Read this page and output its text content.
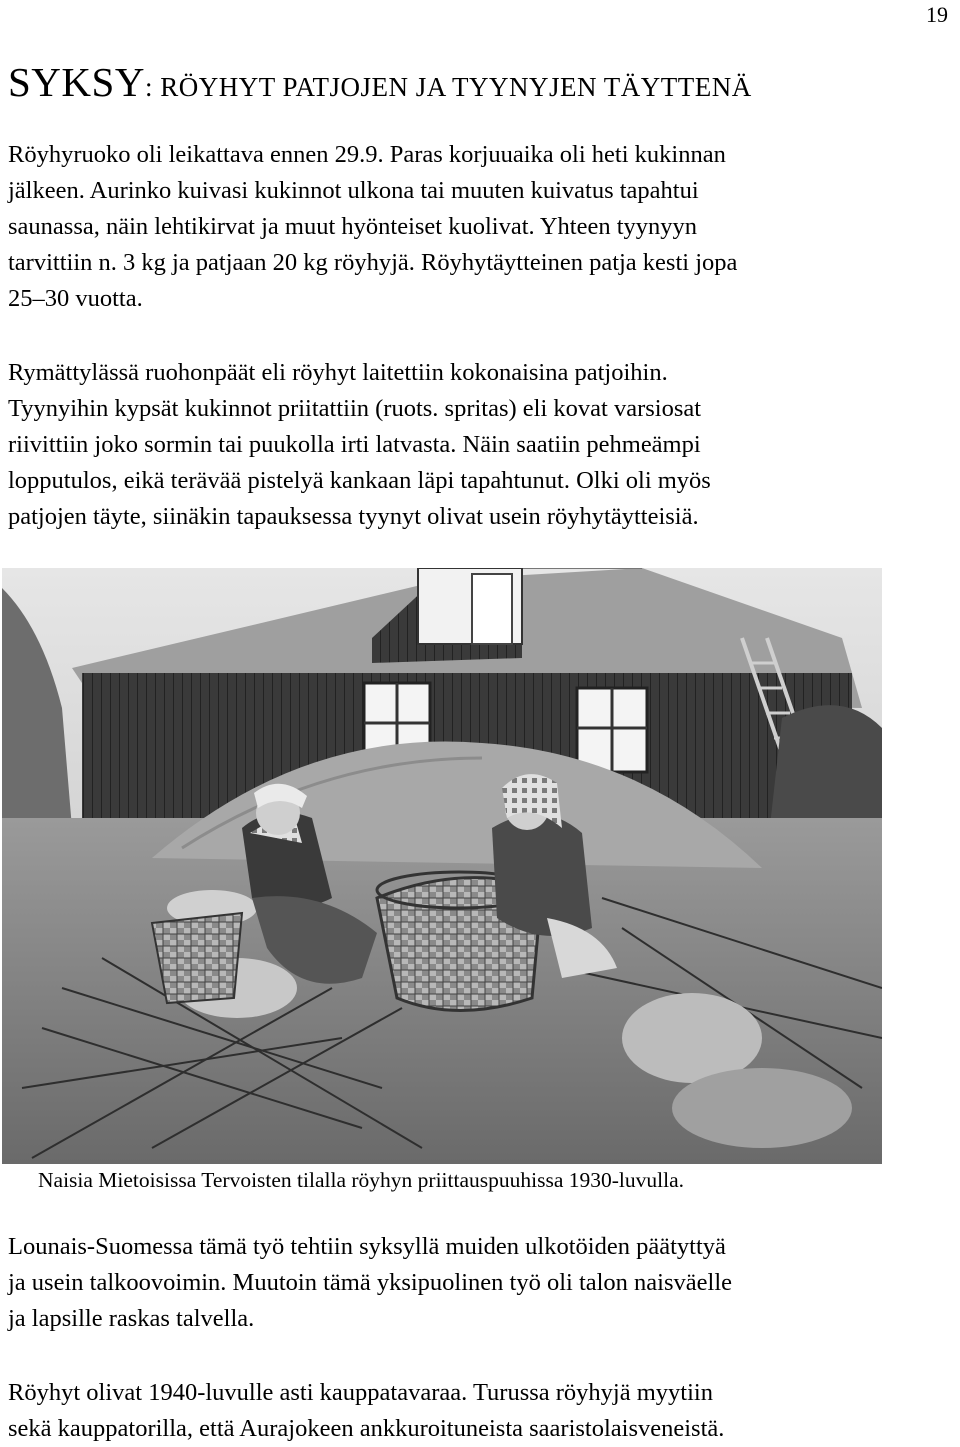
19
SYKSY: RÖYHYT PATJOJEN JA TYYNYJEN TÄYTTENÄ

Röyhyruoko oli leikattava ennen 29.9. Paras korjuuaika oli heti kukinnan

jälkeen. Aurinko kuivasi kukinnot ulkona tai muuten kuivatus tapahtui

saunassa, näin lehtikirvat ja muut hyönteiset kuolivat. Yhteen tyynyyn

tarvittiin n. 3 kg ja patjaan 20 kg röyhyjä. Röyhytäytteinen patja kesti jopa

25–30 vuotta.

Rymättylässä ruohonpäät eli röyhyt laitettiin kokonaisina patjoihin.

Tyynyihin kypsät kukinnot priitattiin (ruots. spritas) eli kovat varsiosat

riivittiin joko sormin tai puukolla irti latvasta. Näin saatiin pehmeämpi

lopputulos, eikä terävää pistelyä kankaan läpi tapahtunut. Olki oli myös

patjojen täyte, siinäkin tapauksessa tyynyt olivat usein röyhytäytteisiä.

Naisia Mietoisissa Tervoisten tilalla röyhyn priittauspuuhissa 1930-luvulla.

Lounais-Suomessa tämä työ tehtiin syksyllä muiden ulkotöiden päätyttyä

ja usein talkoovoimin. Muutoin tämä yksipuolinen työ oli talon naisväelle

ja lapsille raskas talvella.

Röyhyt olivat 1940-luvulle asti kauppatavaraa. Turussa röyhyjä myytiin

sekä kauppatorilla, että Aurajokeen ankkuroituneista saaristolaisveneistä.
